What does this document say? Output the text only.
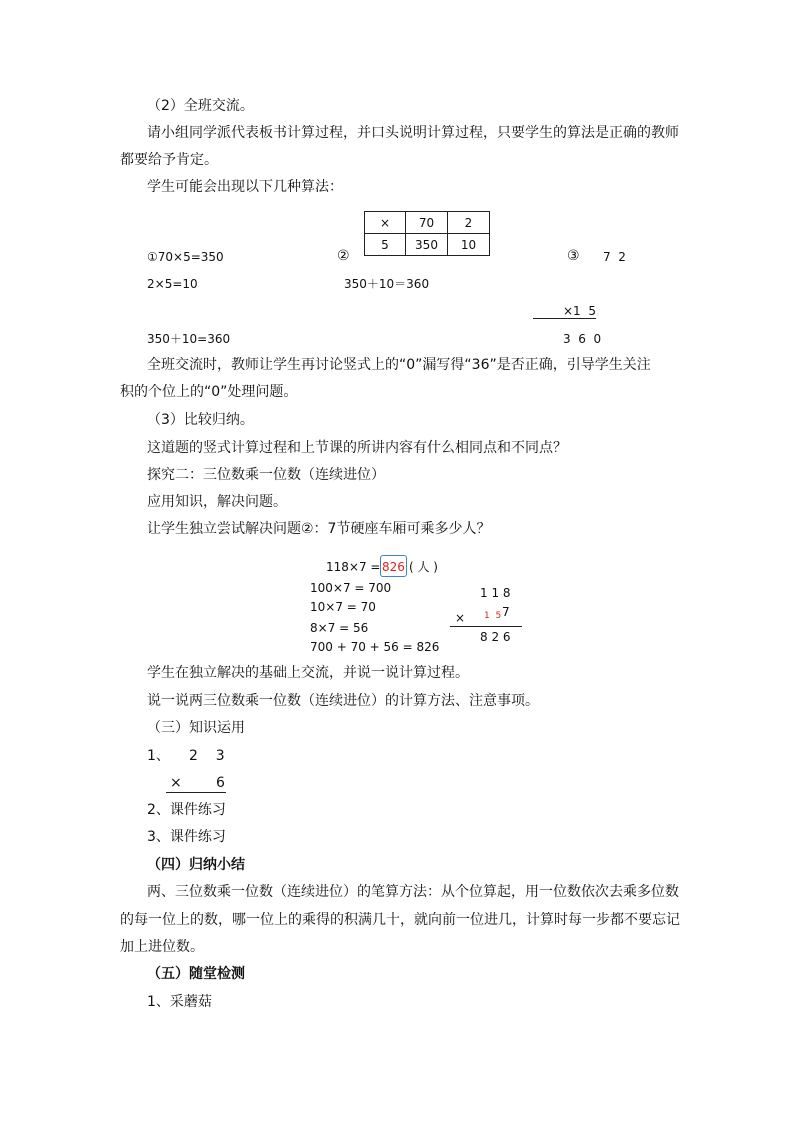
（2）全班交流。
请小组同学派代表板书计算过程，并口头说明计算过程，只要学生的算法是正确的教师
都要给予肯定。
学生可能会出现以下几种算法：
①70×5=350
2×5=10
350＋10=360
②
×	70	2
5	350	10
350＋10＝360
③ 7  2
×1  5
3  6  0
全班交流时，教师让学生再讨论竖式上的“0”漏写得“36”是否正确，引导学生关注
积的个位上的“0”处理问题。
（3）比较归纳。
这道题的竖式计算过程和上节课的所讲内容有什么相同点和不同点？
探究二：三位数乘一位数（连续进位）
应用知识，解决问题。
让学生独立尝试解决问题②：7节硬座车厢可乘多少人？
118×7 = 826 ( 人 )
100×7 = 700
10×7 = 70
8×7 = 56
700 + 70 + 56 = 826
1 1 8
× 1  5 7
8 2 6
学生在独立解决的基础上交流，并说一说计算过程。
说一说两三位数乘一位数（连续进位）的计算方法、注意事项。
（三）知识运用
1、 2    3
× 6
2、课件练习
3、课件练习
（四）归纳小结
两、三位数乘一位数（连续进位）的笔算方法：从个位算起，用一位数依次去乘多位数
的每一位上的数，哪一位上的乘得的积满几十，就向前一位进几，计算时每一步都不要忘记
加上进位数。
（五）随堂检测
1、采蘑菇
